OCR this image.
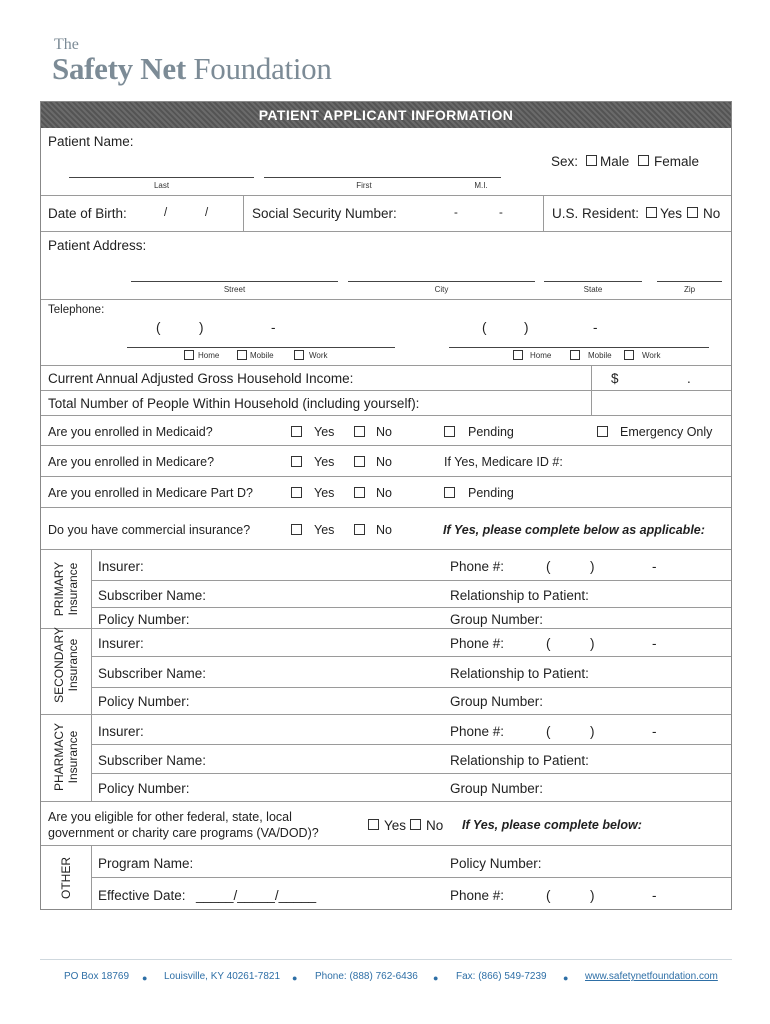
The
Safety Net Foundation
PATIENT APPLICANT INFORMATION
Patient Name:
Sex: Male Female
Last	First	M.I.
Date of Birth:	/	/	Social Security Number:	-	-	U.S. Resident: Yes No
Patient Address:
Street	City	State	Zip
Telephone:
(	)	-
Home	Mobile	Work
(	)	-
Home	Mobile	Work
Current Annual Adjusted Gross Household Income:	$	.
Total Number of People Within Household (including yourself):
Are you enrolled in Medicaid?	Yes	No	Pending	Emergency Only
Are you enrolled in Medicare?	Yes	No	If Yes, Medicare ID #:
Are you enrolled in Medicare Part D?	Yes	No	Pending
Do you have commercial insurance?	Yes	No	If Yes, please complete below as applicable:
PRIMARY
Insurance Insurer:	Phone #:	(	)	-
Subscriber Name:	Relationship to Patient:
Policy Number:	Group Number:
SECONDARY
Insurance Insurer:	Phone #:	(	)	-
Subscriber Name:	Relationship to Patient:
Policy Number:	Group Number:
PHARMACY
Insurance Insurer:	Phone #:	(	)	-
Subscriber Name:	Relationship to Patient:
Policy Number:	Group Number:
Are you eligible for other federal, state, local
government or charity care programs (VA/DOD)?	Yes No If Yes, please complete below:
OTHER Program Name:	Policy Number:
Effective Date: _____/_____/_____	Phone #:	(	)	-
PO Box 18769 ● Louisville, KY 40261-7821 ● Phone: (888) 762-6436 ● Fax: (866) 549-7239 ● www.safetynetfoundation.com
